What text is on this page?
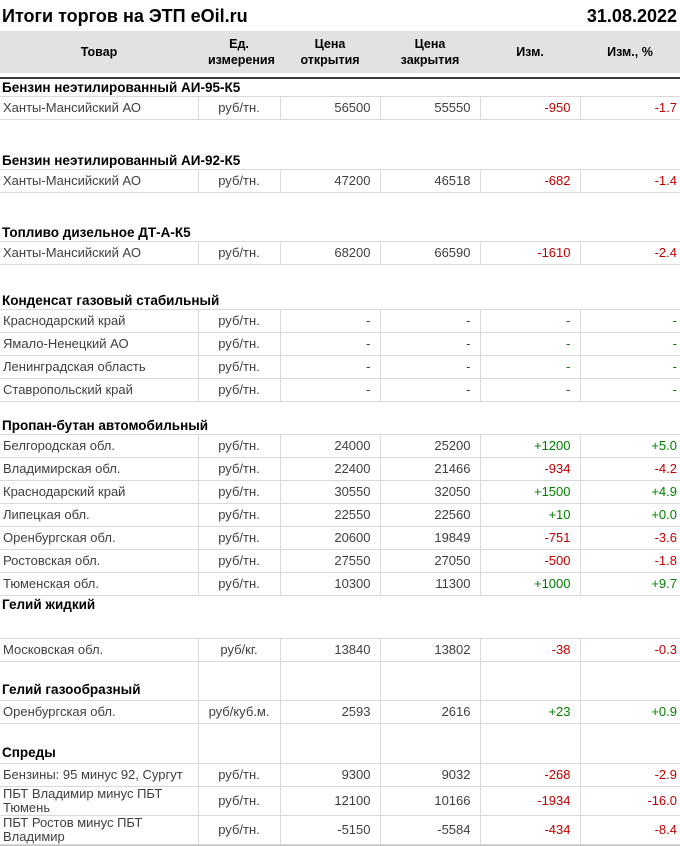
Итоги торгов на ЭТП eOil.ru	31.08.2022
Товар	Ед. измерения	Цена открытия	Цена закрытия	Изм.	Изм., %

Бензин неэтилированный АИ-95-К5					
Ханты-Мансийский АО	руб/тн.	56500	55550	-950	-1.7

Бензин неэтилированный АИ-92-К5					
Ханты-Мансийский АО	руб/тн.	47200	46518	-682	-1.4

Топливо дизельное ДТ-А-К5					
Ханты-Мансийский АО	руб/тн.	68200	66590	-1610	-2.4

Конденсат газовый стабильный					
Краснодарский край	руб/тн.	-	-	-	-
Ямало-Ненецкий АО	руб/тн.	-	-	-	-
Ленинградская область	руб/тн.	-	-	-	-
Ставропольский край	руб/тн.	-	-	-	-

Пропан-бутан автомобильный					
Белгородская обл.	руб/тн.	24000	25200	+1200	+5.0
Владимирская обл.	руб/тн.	22400	21466	-934	-4.2
Краснодарский край	руб/тн.	30550	32050	+1500	+4.9
Липецкая обл.	руб/тн.	22550	22560	+10	+0.0
Оренбургская обл.	руб/тн.	20600	19849	-751	-3.6
Ростовская обл.	руб/тн.	27550	27050	-500	-1.8
Тюменская обл.	руб/тн.	10300	11300	+1000	+9.7
Гелий жидкий					

Московская обл.	руб/кг.	13840	13802	-38	-0.3

Гелий газообразный					
Оренбургская обл.	руб/куб.м.	2593	2616	+23	+0.9

Спреды					
Бензины: 95 минус 92, Сургут	руб/тн.	9300	9032	-268	-2.9
ПБТ Владимир минус ПБТ Тюмень	руб/тн.	12100	10166	-1934	-16.0
ПБТ Ростов минус ПБТ Владимир	руб/тн.	-5150	-5584	-434	-8.4
